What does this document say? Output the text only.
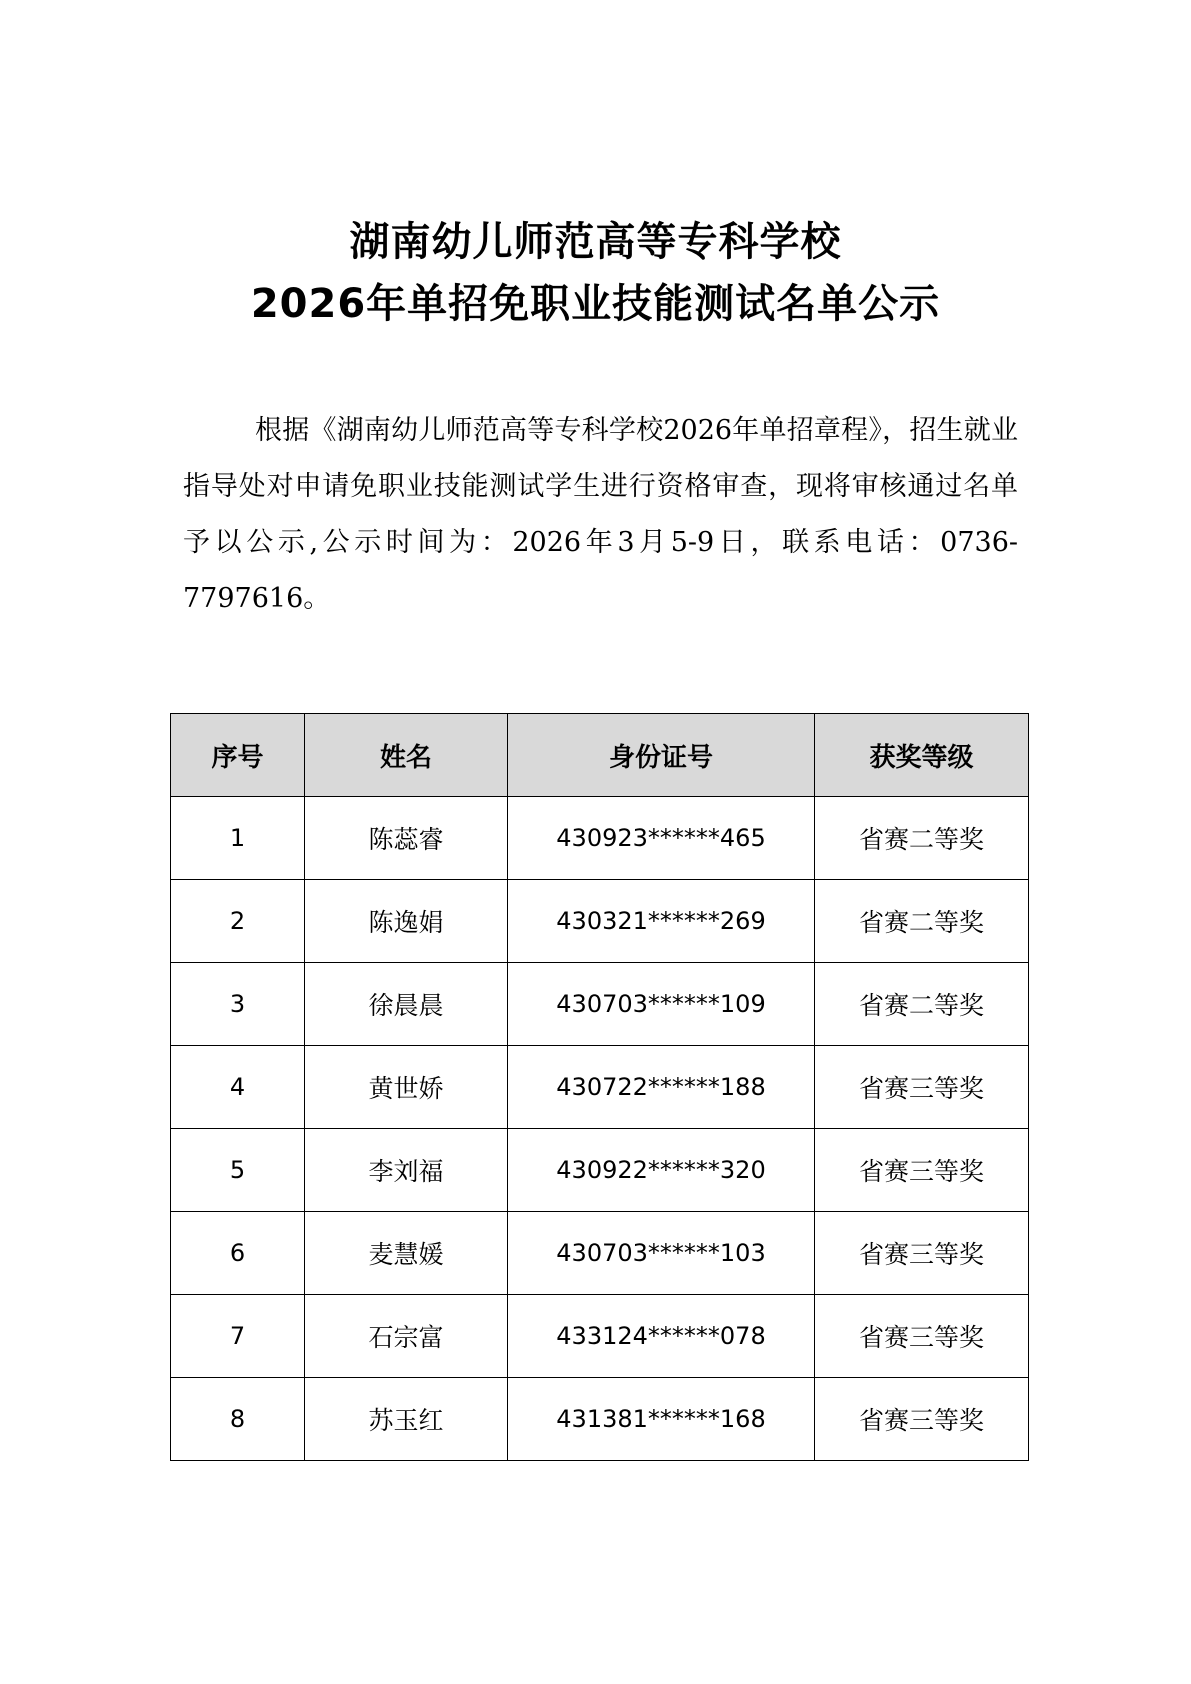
湖南幼儿师范高等专科学校
2026年单招免职业技能测试名单公示

根据《湖南幼儿师范高等专科学校2026年单招章程》，招生就业指导处对申请免职业技能测试学生进行资格审查，现将审核通过名单予以公示,公示时间为：2026年3月5-9日，联系电话：0736-7797616。

序号	姓名	身份证号	获奖等级
1	陈蕊睿	430923******465	省赛二等奖
2	陈逸娟	430321******269	省赛二等奖
3	徐晨晨	430703******109	省赛二等奖
4	黄世娇	430722******188	省赛三等奖
5	李刘福	430922******320	省赛三等奖
6	麦慧媛	430703******103	省赛三等奖
7	石宗富	433124******078	省赛三等奖
8	苏玉红	431381******168	省赛三等奖
